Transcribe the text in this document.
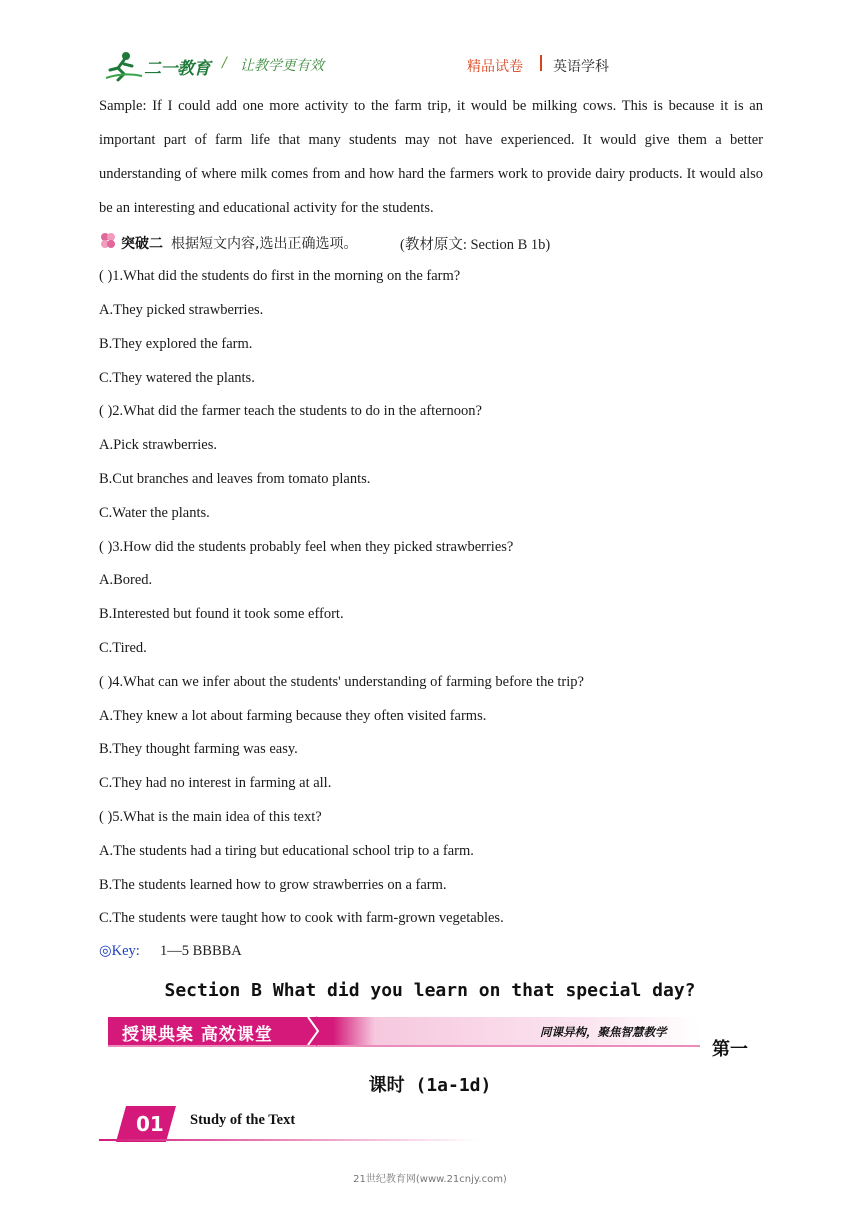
二一教育 / 让教学更有效	精品试卷 英语学科
Sample: If I could add one more activity to the farm trip, it would be milking cows. This is because it is an important part of farm life that many students may not have experienced. It would give them a better understanding of where milk comes from and how hard the farmers work to provide dairy products. It would also be an interesting and educational activity for the students.
突破二 根据短文内容,选出正确选项。	(教材原文: Section B 1b)
( )1.What did the students do first in the morning on the farm?
A.They picked strawberries.
B.They explored the farm.
C.They watered the plants.
( )2.What did the farmer teach the students to do in the afternoon?
A.Pick strawberries.
B.Cut branches and leaves from tomato plants.
C.Water the plants.
( )3.How did the students probably feel when they picked strawberries?
A.Bored.
B.Interested but found it took some effort.
C.Tired.
( )4.What can we infer about the students' understanding of farming before the trip?
A.They knew a lot about farming because they often visited farms.
B.They thought farming was easy.
C.They had no interest in farming at all.
( )5.What is the main idea of this text?
A.The students had a tiring but educational school trip to a farm.
B.The students learned how to grow strawberries on a farm.
C.The students were taught how to cook with farm-grown vegetables.
◎Key: 1—5 BBBBA
Section B What did you learn on that special day?
授课典案 高效课堂	同课异构，聚焦智慧教学
第一
课时 (1a-1d)
01 Study of the Text
21世纪教育网(www.21cnjy.com)
